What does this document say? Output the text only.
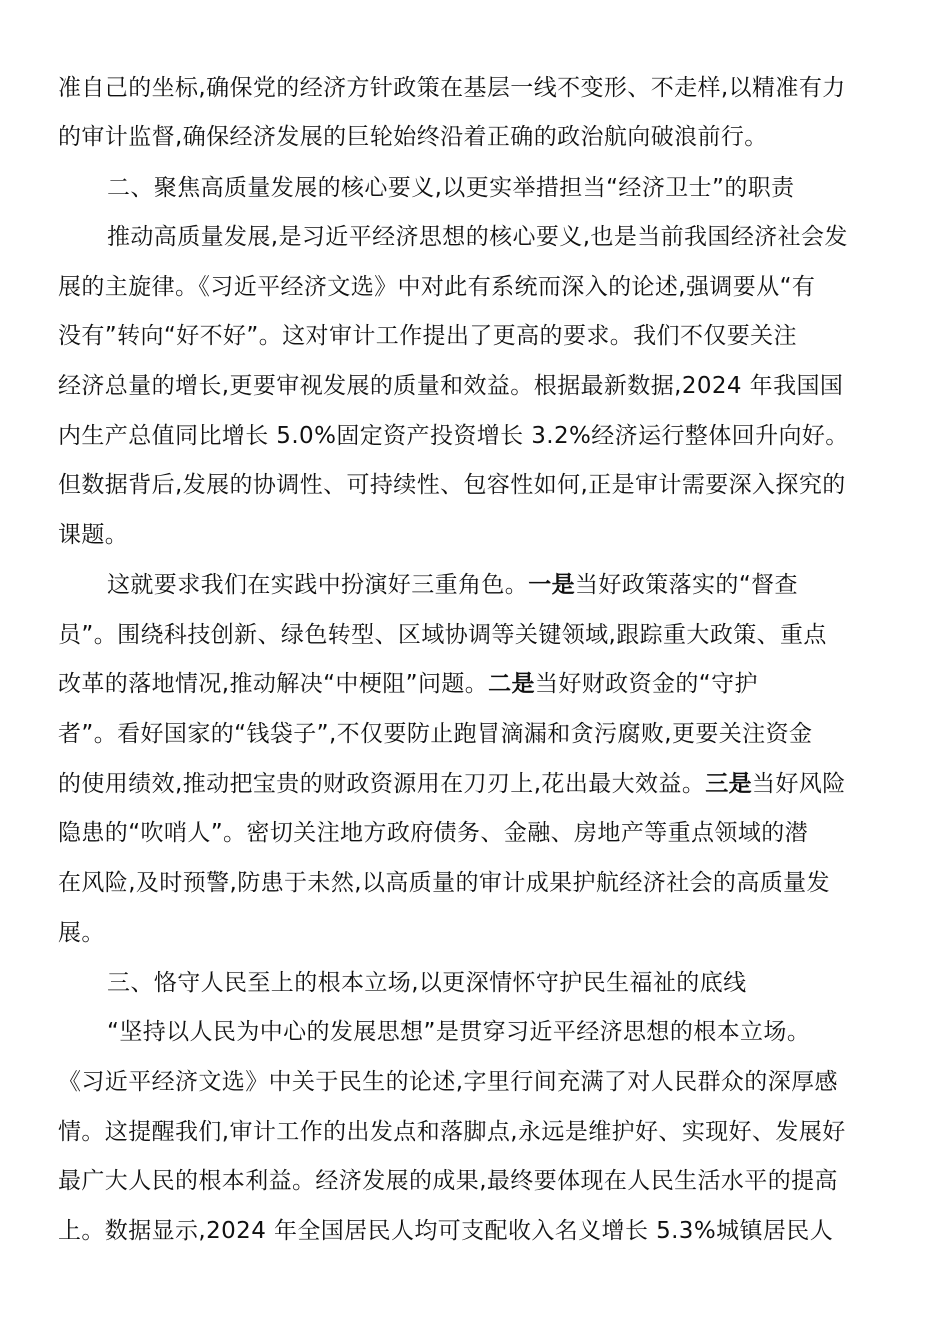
准自己的坐标,确保党的经济方针政策在基层一线不变形、不走样,以精准有力
的审计监督,确保经济发展的巨轮始终沿着正确的政治航向破浪前行。
二、聚焦高质量发展的核心要义,以更实举措担当“经济卫士”的职责
推动高质量发展,是习近平经济思想的核心要义,也是当前我国经济社会发
展的主旋律。《习近平经济文选》中对此有系统而深入的论述,强调要从“有
没有”转向“好不好”。这对审计工作提出了更高的要求。我们不仅要关注
经济总量的增长,更要审视发展的质量和效益。根据最新数据,2024 年我国国
内生产总值同比增长 5.0%固定资产投资增长 3.2%经济运行整体回升向好。
但数据背后,发展的协调性、可持续性、包容性如何,正是审计需要深入探究的
课题。
这就要求我们在实践中扮演好三重角色。一是当好政策落实的“督查
员”。围绕科技创新、绿色转型、区域协调等关键领域,跟踪重大政策、重点
改革的落地情况,推动解决“中梗阻”问题。二是当好财政资金的“守护
者”。看好国家的“钱袋子”,不仅要防止跑冒滴漏和贪污腐败,更要关注资金
的使用绩效,推动把宝贵的财政资源用在刀刃上,花出最大效益。三是当好风险
隐患的“吹哨人”。密切关注地方政府债务、金融、房地产等重点领域的潜
在风险,及时预警,防患于未然,以高质量的审计成果护航经济社会的高质量发
展。
三、恪守人民至上的根本立场,以更深情怀守护民生福祉的底线
“坚持以人民为中心的发展思想”是贯穿习近平经济思想的根本立场。
《习近平经济文选》中关于民生的论述,字里行间充满了对人民群众的深厚感
情。这提醒我们,审计工作的出发点和落脚点,永远是维护好、实现好、发展好
最广大人民的根本利益。经济发展的成果,最终要体现在人民生活水平的提高
上。数据显示,2024 年全国居民人均可支配收入名义增长 5.3%城镇居民人
